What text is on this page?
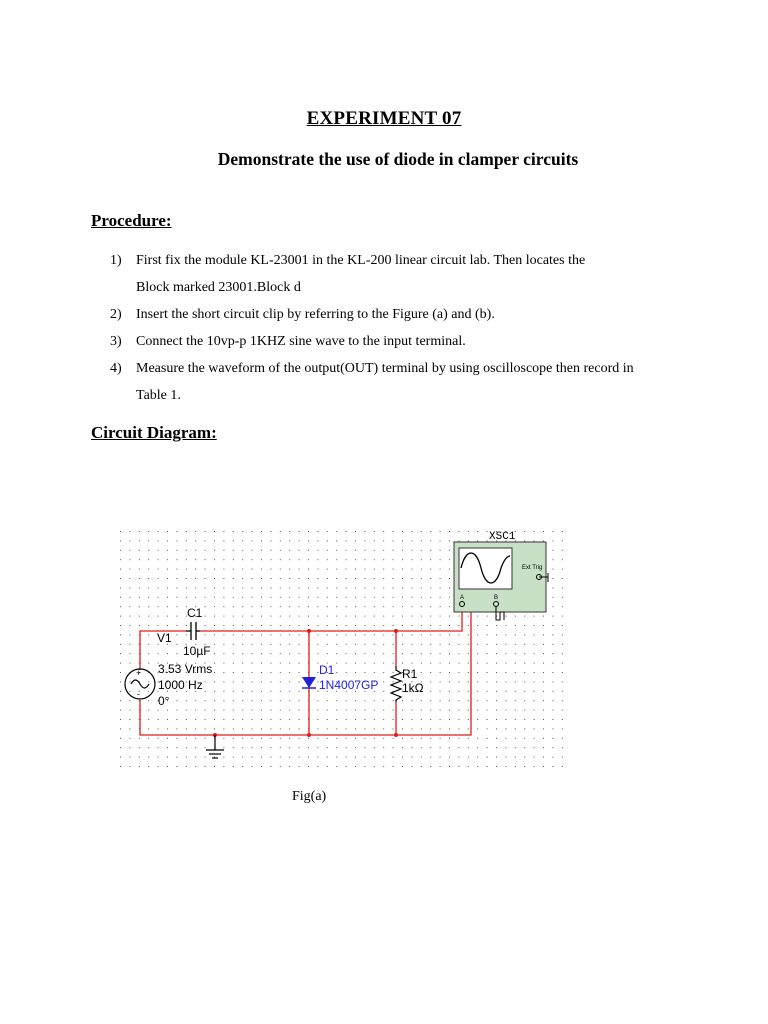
EXPERIMENT 07
Demonstrate the use of diode in clamper circuits
Procedure:
1) First fix the module KL-23001 in the KL-200 linear circuit lab. Then locates the
Block marked 23001.Block d
2) Insert the short circuit clip by referring to the Figure (a) and (b).
3) Connect the 10vp-p 1KHZ sine wave to the input terminal.
4) Measure the waveform of the output(OUT) terminal by using oscilloscope then record in
Table 1.
Circuit Diagram:
V1
3.53 Vrms
1000 Hz
0°
+
-
C1
10µF
D1
1N4007GP
R1
1kΩ
XSC1
Ext Trig
A	B
Fig(a)
